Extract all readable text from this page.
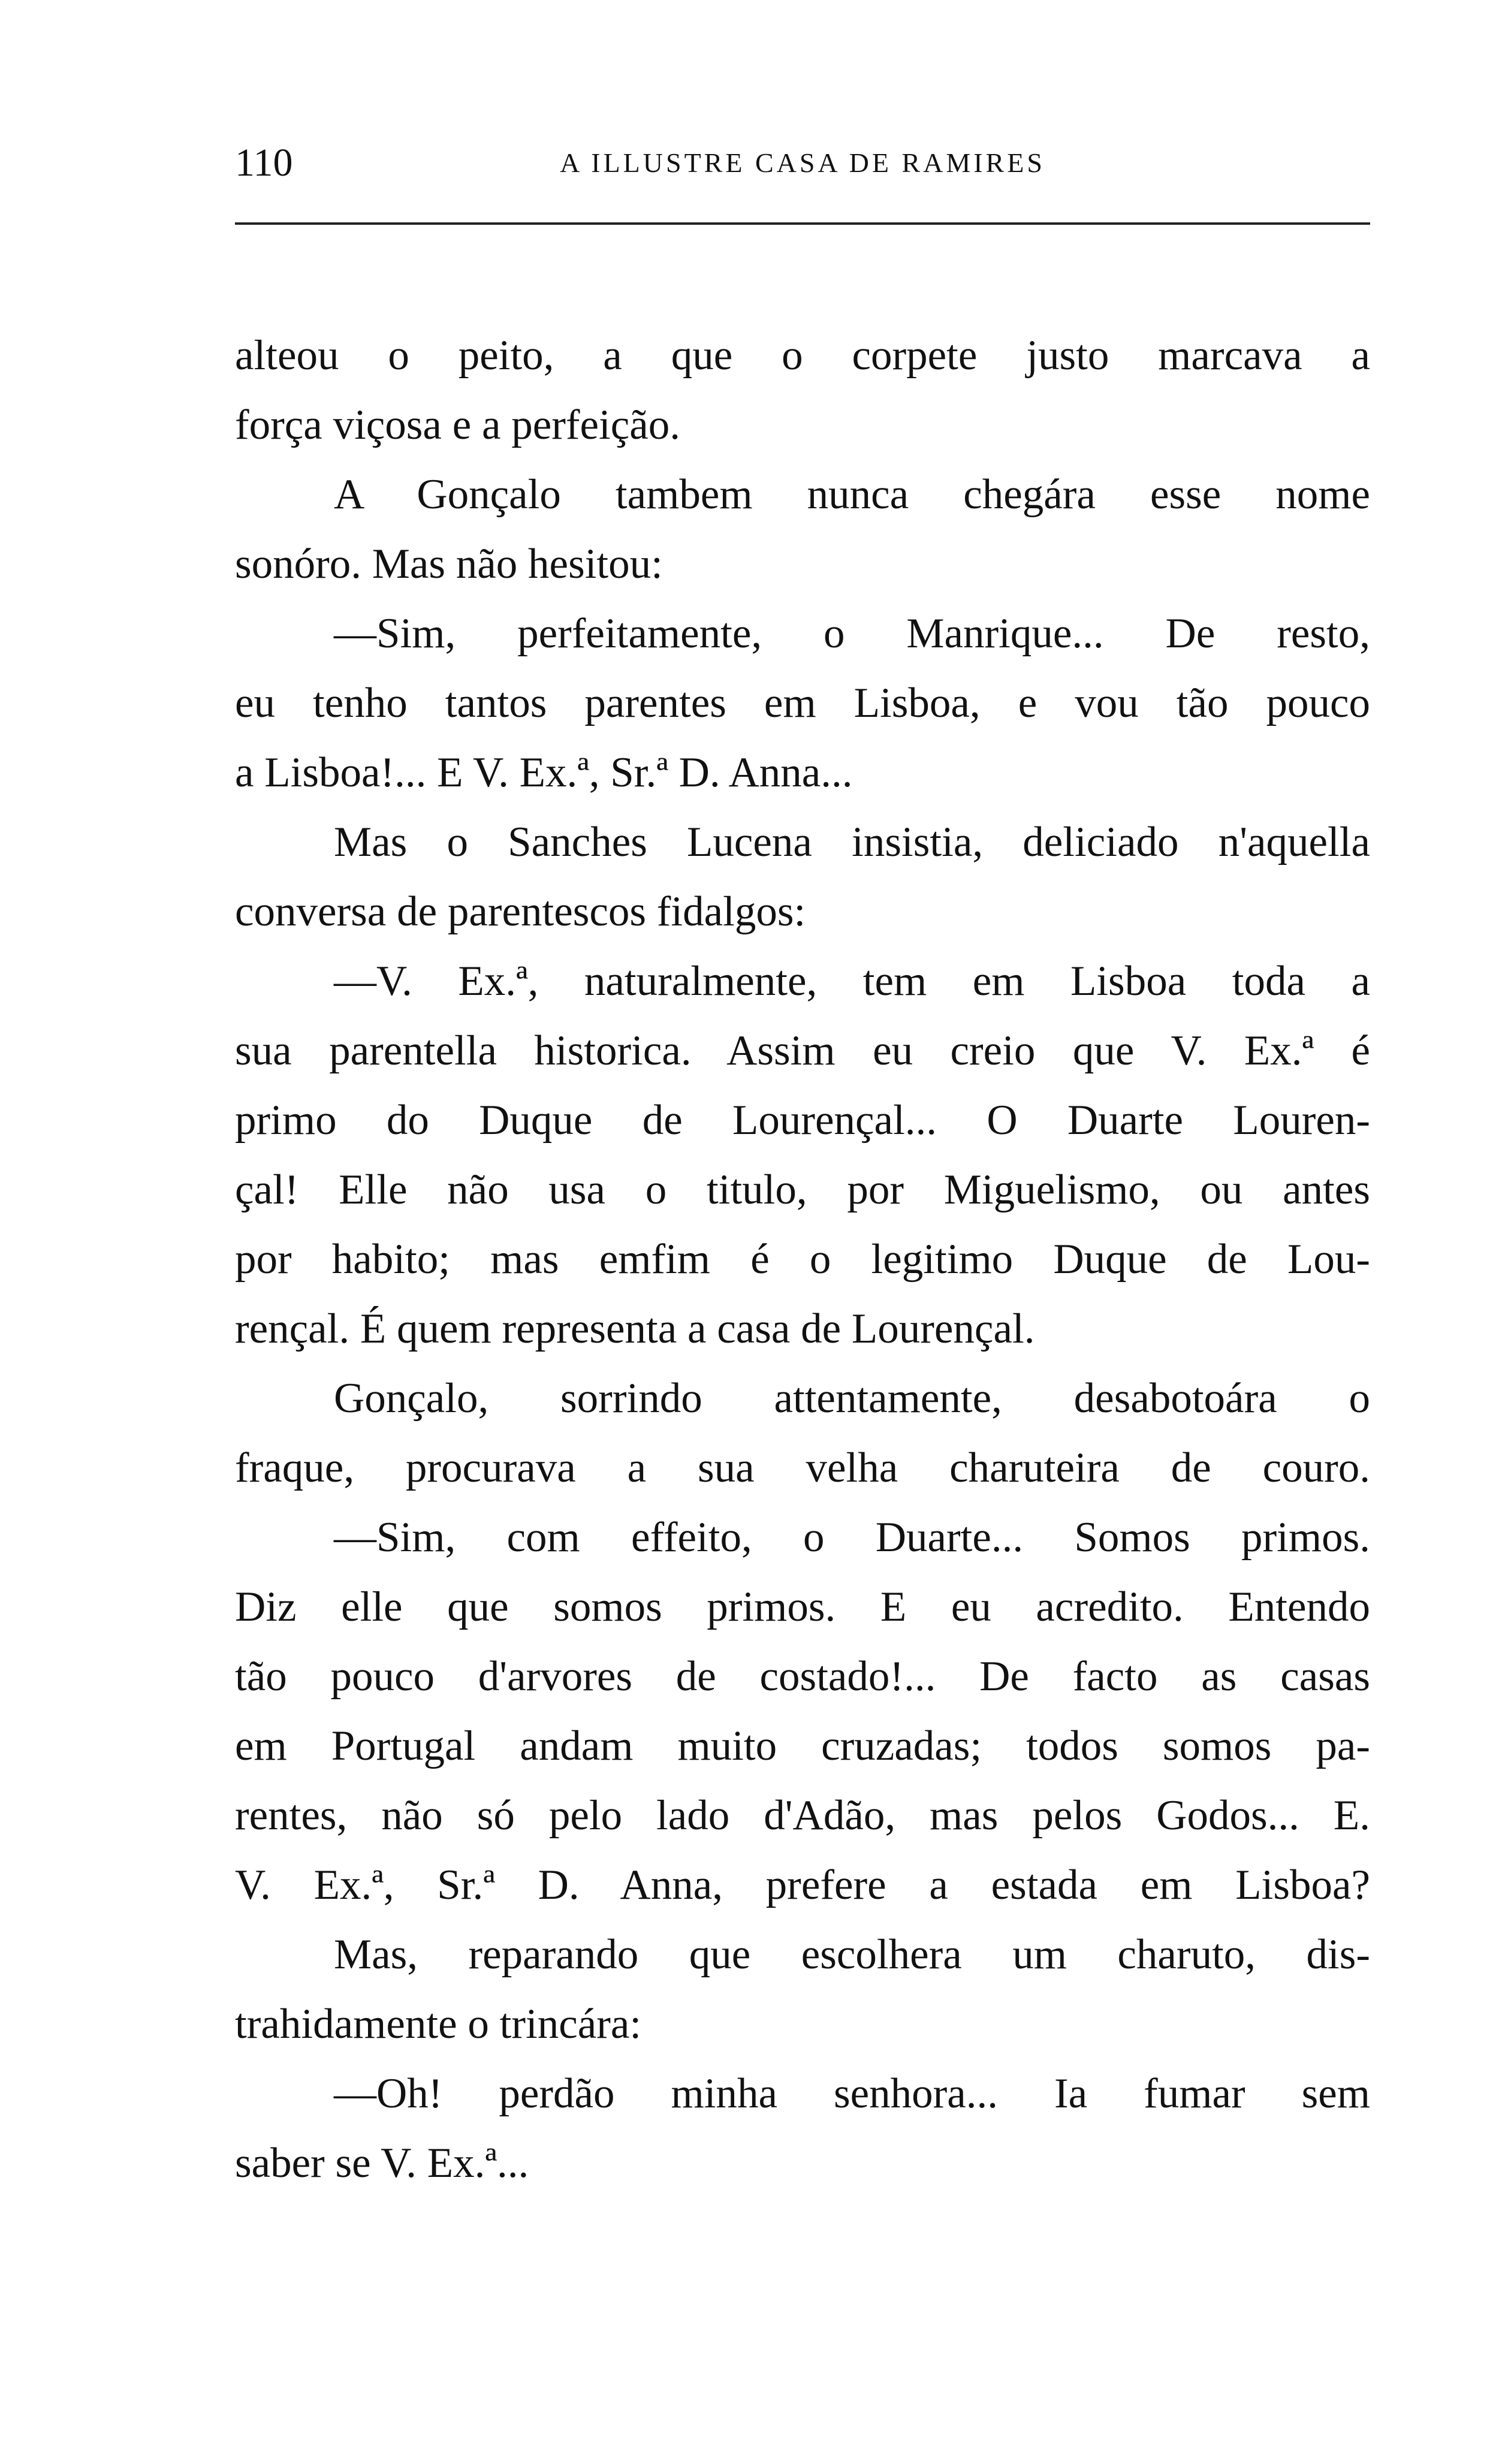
110	A ILLUSTRE CASA DE RAMIRES
alteou o peito, a que o corpete justo marcava a
força viçosa e a perfeição.
A Gonçalo tambem nunca chegára esse nome
sonóro. Mas não hesitou:
—Sim, perfeitamente, o Manrique... De resto,
eu tenho tantos parentes em Lisboa, e vou tão pouco
a Lisboa!... E V. Ex.ª, Sr.ª D. Anna...
Mas o Sanches Lucena insistia, deliciado n'aquella
conversa de parentescos fidalgos:
—V. Ex.ª, naturalmente, tem em Lisboa toda a
sua parentella historica. Assim eu creio que V. Ex.ª é
primo do Duque de Lourençal... O Duarte Louren-
çal! Elle não usa o titulo, por Miguelismo, ou antes
por habito; mas emfim é o legitimo Duque de Lou-
rençal. É quem representa a casa de Lourençal.
Gonçalo, sorrindo attentamente, desabotoára o
fraque, procurava a sua velha charuteira de couro.
—Sim, com effeito, o Duarte... Somos primos.
Diz elle que somos primos. E eu acredito. Entendo
tão pouco d'arvores de costado!... De facto as casas
em Portugal andam muito cruzadas; todos somos pa-
rentes, não só pelo lado d'Adão, mas pelos Godos... E.
V. Ex.ª, Sr.ª D. Anna, prefere a estada em Lisboa?
Mas, reparando que escolhera um charuto, dis-
trahidamente o trincára:
—Oh! perdão minha senhora... Ia fumar sem
saber se V. Ex.ª...
